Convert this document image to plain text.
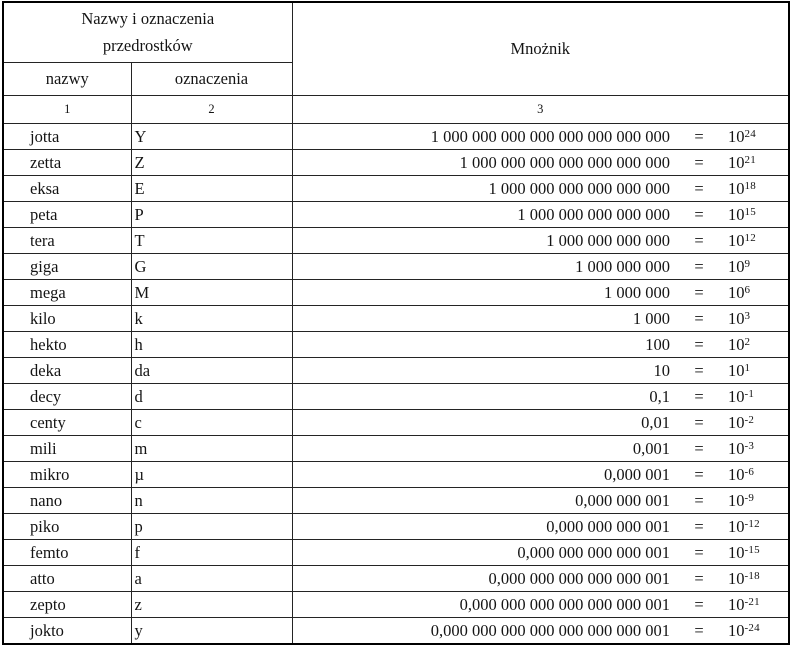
Nazwy i oznaczenia
przedrostków		Mnożnik
nazwy	oznaczenia	
1	2	3
jotta	Y	1 000 000 000 000 000 000 000 $000 = 10^{24}$

zetta	Z	1 000 000 000 000 000 000 $000 = 10^{21}$

eksa	E	1 000 000 000 000 000 $000 = 10^{18}$

peta	P	1 000 000 000 000 $000 = 10^{15}$

tera	T	1 000 000 000 $000 = 10^{12}$

giga	G	1 000 000 $000 = 10^9$

mega	M	1 000 $000 = 10^6$

kilo	k	1 $000 = 10^3$

hekto	h	$100 = 10^2$

deka	da	$10 = 10^1$

decy	d	$0,1 = 10^{-1}$

centy	c	$0,01 = 10^{-2}$

mili	m	$0,001 = 10^{-3}$

mikro	µ	0,000 $001 = 10^{-6}$

nano	n	0,000 000 $001 = 10^{-9}$

piko	p	0,000 000 000 $001 = 10^{-12}$

femto	f	0,000 000 000 000 $001 = 10^{-15}$

atto	a	0,000 000 000 000 000 $001 = 10^{-18}$

zepto	z	0,000 000 000 000 000 000 $001 = 10^{-21}$

jokto	y	0,000 000 000 000 000 000 000 $001 = 10^{-24}$
